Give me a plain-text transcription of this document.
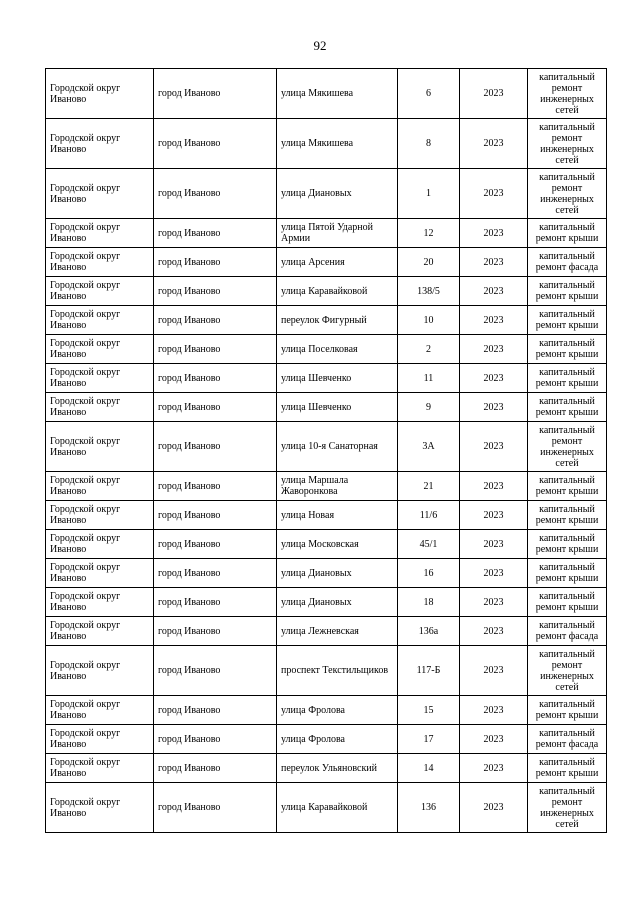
92
Городской округ Иваново	город Иваново	улица Мякишева	6	2023	капитальный ремонт инженерных сетей
Городской округ Иваново	город Иваново	улица Мякишева	8	2023	капитальный ремонт инженерных сетей
Городской округ Иваново	город Иваново	улица Диановых	1	2023	капитальный ремонт инженерных сетей
Городской округ Иваново	город Иваново	улица Пятой Ударной Армии	12	2023	капитальный ремонт крыши
Городской округ Иваново	город Иваново	улица Арсения	20	2023	капитальный ремонт фасада
Городской округ Иваново	город Иваново	улица Каравайковой	138/5	2023	капитальный ремонт крыши
Городской округ Иваново	город Иваново	переулок Фигурный	10	2023	капитальный ремонт крыши
Городской округ Иваново	город Иваново	улица Поселковая	2	2023	капитальный ремонт крыши
Городской округ Иваново	город Иваново	улица Шевченко	11	2023	капитальный ремонт крыши
Городской округ Иваново	город Иваново	улица Шевченко	9	2023	капитальный ремонт крыши
Городской округ Иваново	город Иваново	улица 10-я Санаторная	3А	2023	капитальный ремонт инженерных сетей
Городской округ Иваново	город Иваново	улица Маршала Жаворонкова	21	2023	капитальный ремонт крыши
Городской округ Иваново	город Иваново	улица Новая	11/6	2023	капитальный ремонт крыши
Городской округ Иваново	город Иваново	улица Московская	45/1	2023	капитальный ремонт крыши
Городской округ Иваново	город Иваново	улица Диановых	16	2023	капитальный ремонт крыши
Городской округ Иваново	город Иваново	улица Диановых	18	2023	капитальный ремонт крыши
Городской округ Иваново	город Иваново	улица Лежневская	136а	2023	капитальный ремонт фасада
Городской округ Иваново	город Иваново	проспект Текстильщиков	117-Б	2023	капитальный ремонт инженерных сетей
Городской округ Иваново	город Иваново	улица Фролова	15	2023	капитальный ремонт крыши
Городской округ Иваново	город Иваново	улица Фролова	17	2023	капитальный ремонт фасада
Городской округ Иваново	город Иваново	переулок Ульяновский	14	2023	капитальный ремонт крыши
Городской округ Иваново	город Иваново	улица Каравайковой	136	2023	капитальный ремонт инженерных сетей
